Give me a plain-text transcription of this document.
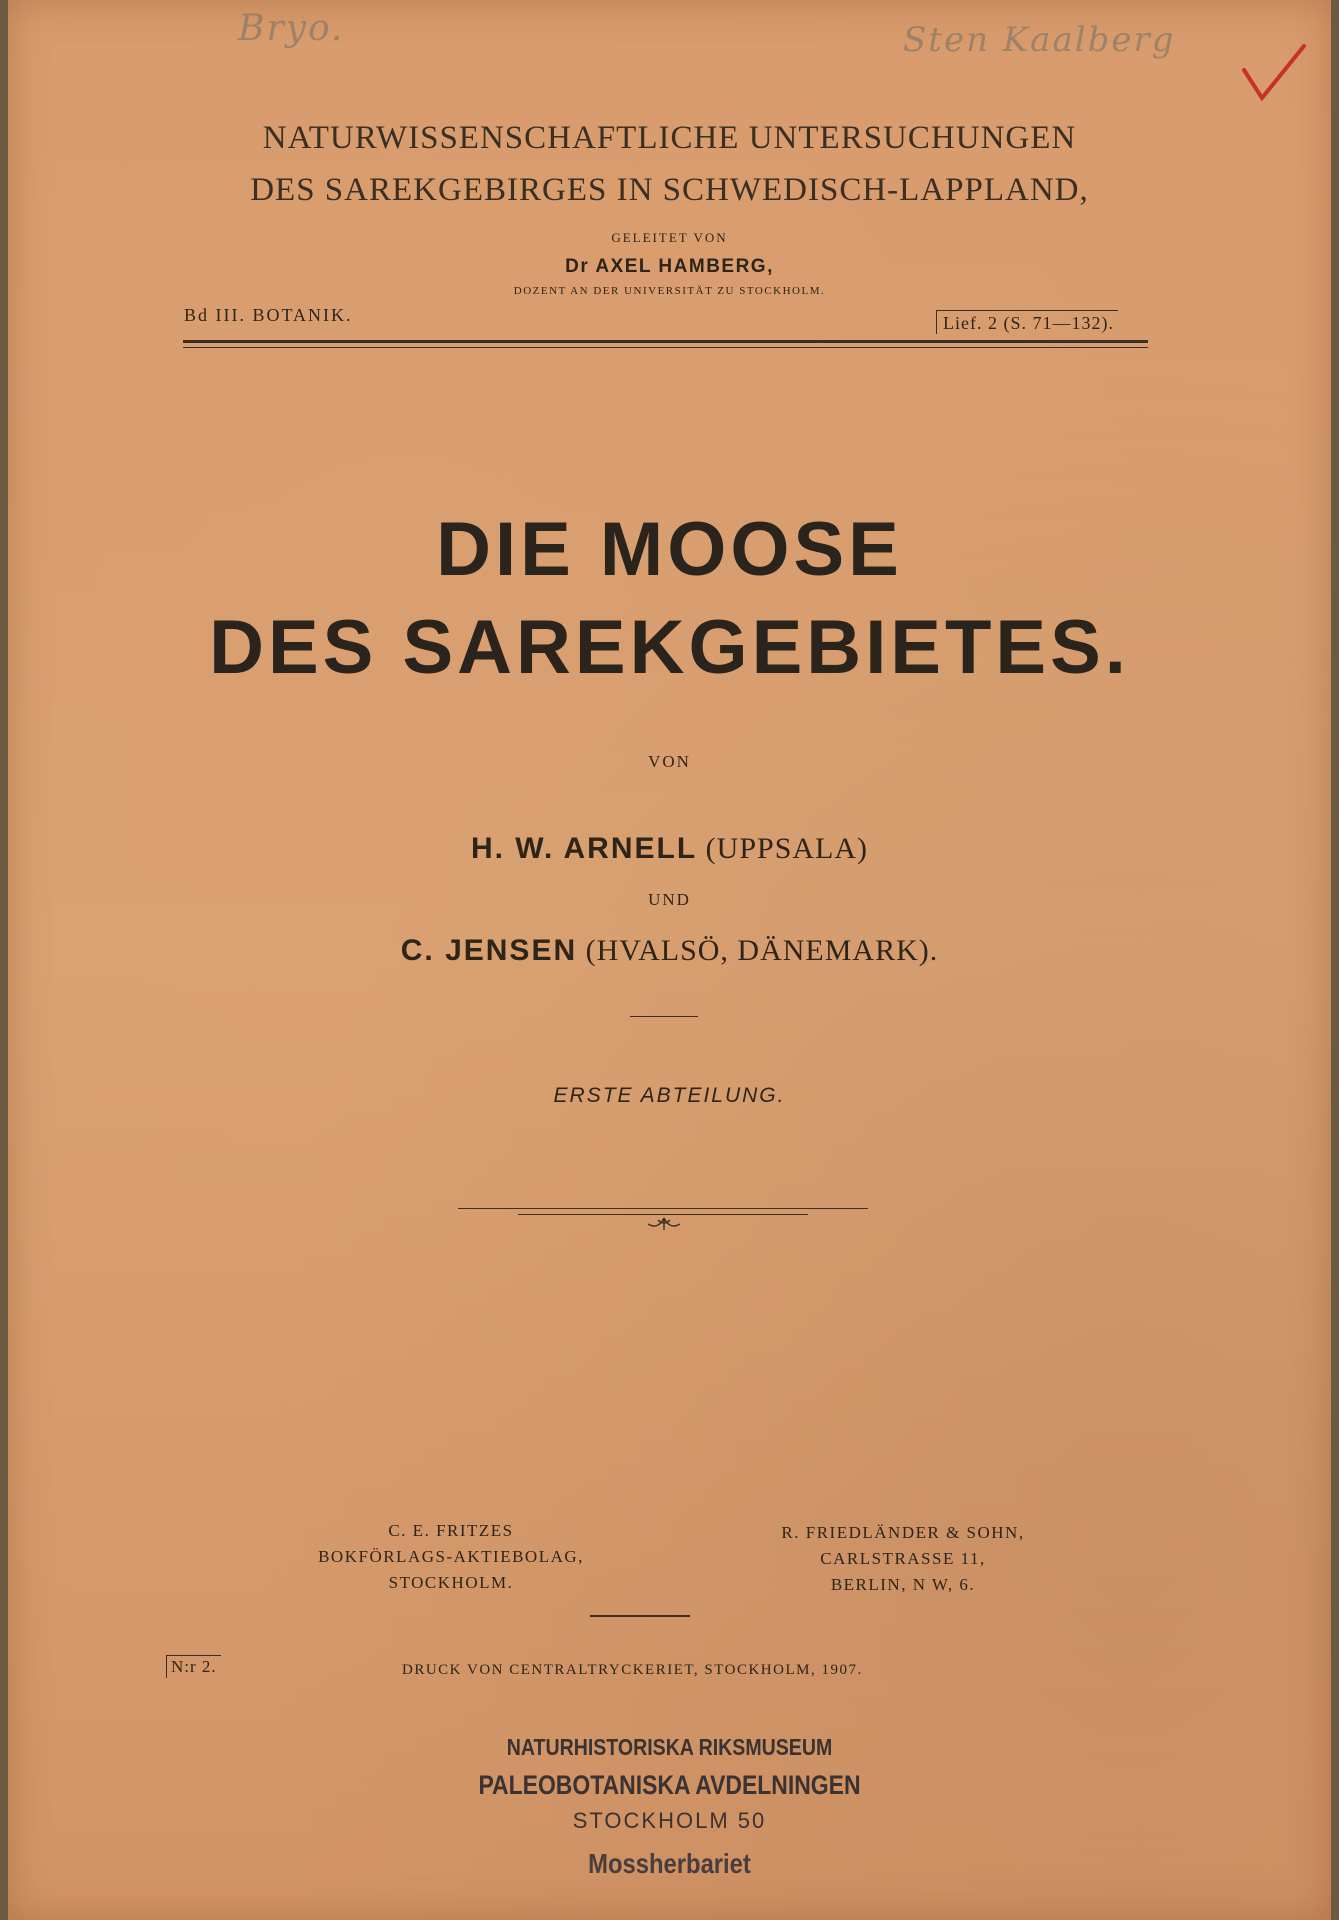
Bryo.	Sten Kaalberg
NATURWISSENSCHAFTLICHE UNTERSUCHUNGEN
DES SAREKGEBIRGES IN SCHWEDISCH-LAPPLAND,
GELEITET VON
Dr AXEL HAMBERG,
DOZENT AN DER UNIVERSITÄT ZU STOCKHOLM.
Bd III. BOTANIK.	Lief. 2 (S. 71—132).
DIE MOOSE
DES SAREKGEBIETES.
VON
H. W. ARNELL (UPPSALA)
UND
C. JENSEN (HVALSÖ, DÄNEMARK).
ERSTE ABTEILUNG.
C. E. FRITZES
BOKFÖRLAGS-AKTIEBOLAG,
STOCKHOLM.
R. FRIEDLÄNDER & SOHN,
CARLSTRASSE 11,
BERLIN, N W, 6.
N:r 2.	DRUCK VON CENTRALTRYCKERIET, STOCKHOLM, 1907.
NATURHISTORISKA RIKSMUSEUM
PALEOBOTANISKA AVDELNINGEN
STOCKHOLM 50
Mossherbariet
